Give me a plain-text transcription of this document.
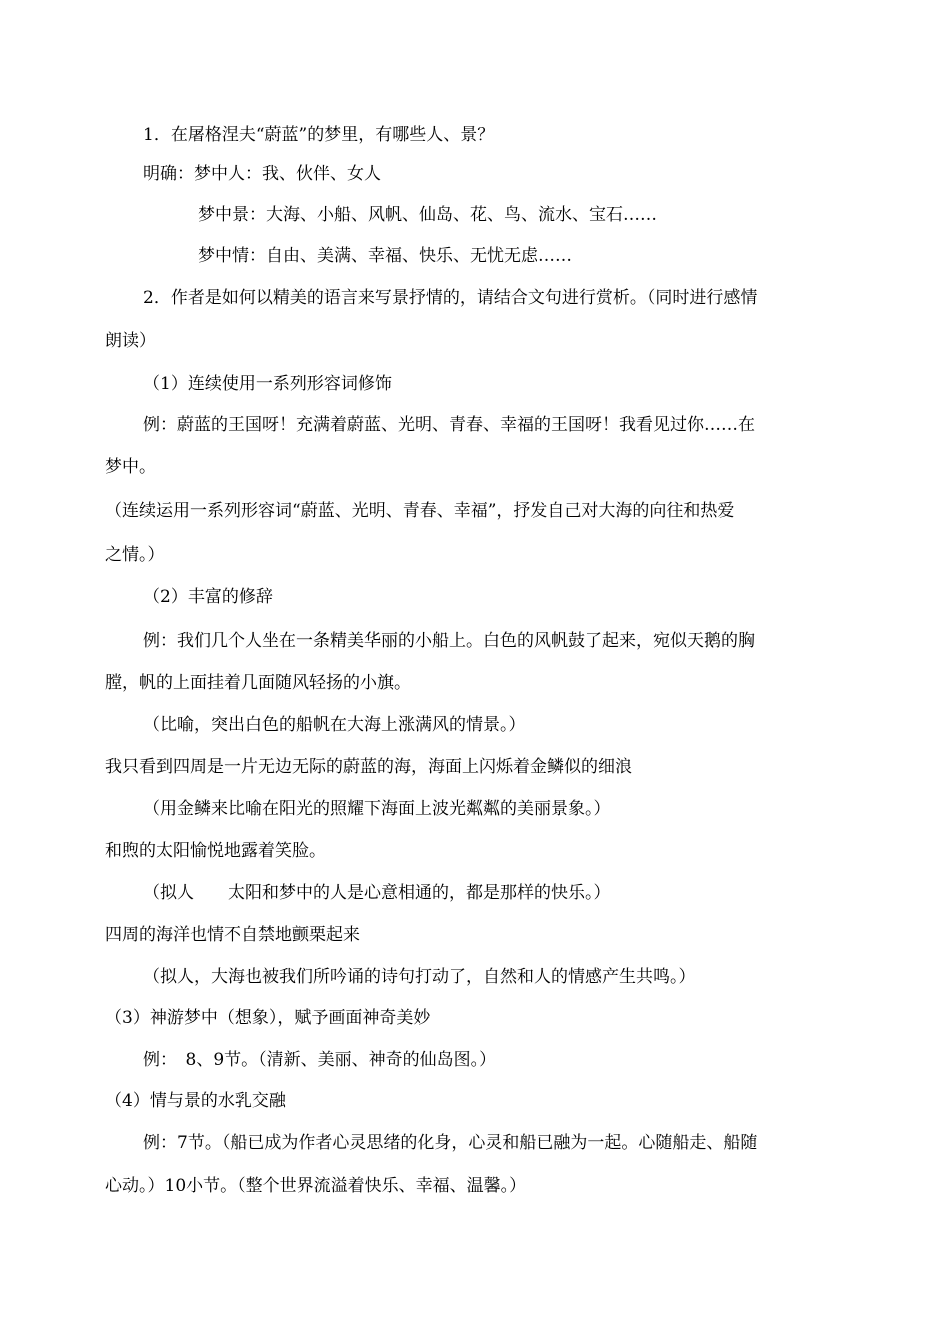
1．在屠格涅夫“蔚蓝”的梦里，有哪些人、景？
明确：梦中人：我、伙伴、女人
梦中景：大海、小船、风帆、仙岛、花、鸟、流水、宝石……
梦中情：自由、美满、幸福、快乐、无忧无虑……
2．作者是如何以精美的语言来写景抒情的，请结合文句进行赏析。（同时进行感情
朗读）
（1）连续使用一系列形容词修饰
例：蔚蓝的王国呀！充满着蔚蓝、光明、青春、幸福的王国呀！我看见过你……在
梦中。
（连续运用一系列形容词“蔚蓝、光明、青春、幸福”，抒发自己对大海的向往和热爱
之情。）
（2）丰富的修辞
例：我们几个人坐在一条精美华丽的小船上。白色的风帆鼓了起来，宛似天鹅的胸
膛，帆的上面挂着几面随风轻扬的小旗。
（比喻，突出白色的船帆在大海上涨满风的情景。）
我只看到四周是一片无边无际的蔚蓝的海，海面上闪烁着金鳞似的细浪
（用金鳞来比喻在阳光的照耀下海面上波光粼粼的美丽景象。）
和煦的太阳愉悦地露着笑脸。
（拟人　　太阳和梦中的人是心意相通的，都是那样的快乐。）
四周的海洋也情不自禁地颤栗起来
（拟人，大海也被我们所吟诵的诗句打动了，自然和人的情感产生共鸣。）
（3）神游梦中（想象），赋予画面神奇美妙
例：　8、9节。（清新、美丽、神奇的仙岛图。）
（4）情与景的水乳交融
例：7节。（船已成为作者心灵思绪的化身，心灵和船已融为一起。心随船走、船随
心动。）10小节。（整个世界流溢着快乐、幸福、温馨。）
